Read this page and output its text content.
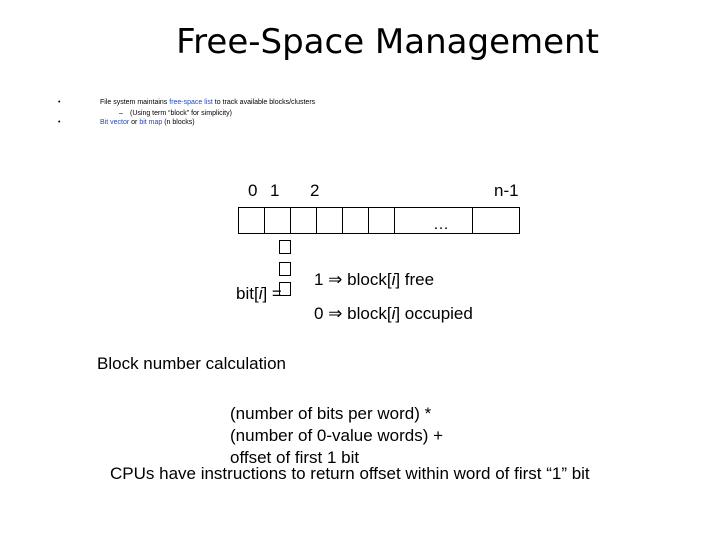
Free-Space Management
•	File system maintains free-space list to track available blocks/clusters
– (Using term “block” for simplicity)
•	Bit vector or bit map (n blocks)
0 1 2	n-1
…
bit[i] =
1 ⇒ block[i] free
0 ⇒ block[i] occupied
Block number calculation
(number of bits per word) *
(number of 0-value words) +
offset of first 1 bit
CPUs have instructions to return offset within word of first “1” bit
